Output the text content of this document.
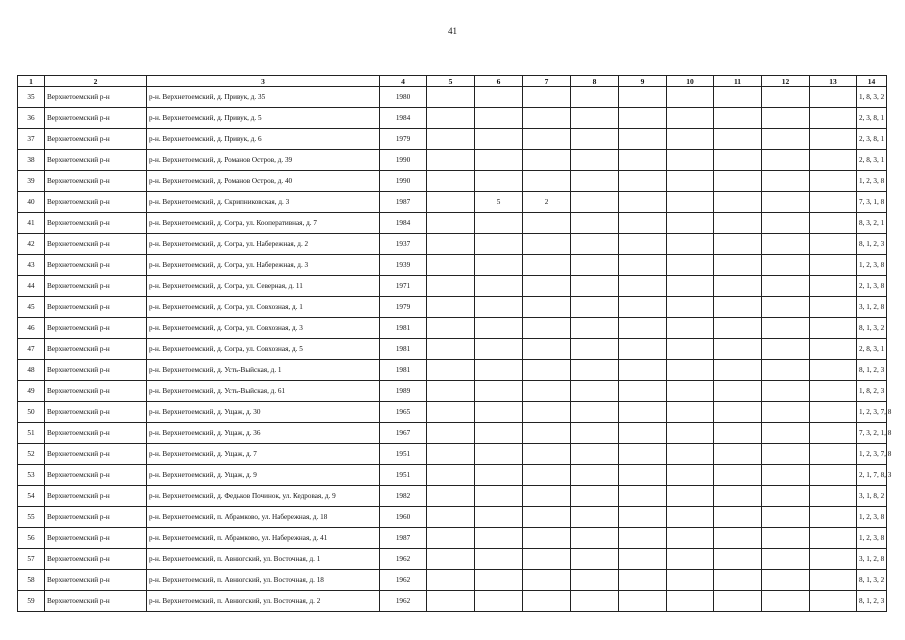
41
1	2	3	4	5	6	7	8	9	10	11	12	13	14
35	Верхнетоемский р-н	р-н. Верхнетоемский, д. Привук, д. 35	1980										1, 8, 3, 2
36	Верхнетоемский р-н	р-н. Верхнетоемский, д. Привук, д. 5	1984										2, 3, 8, 1
37	Верхнетоемский р-н	р-н. Верхнетоемский, д. Привук, д. 6	1979										2, 3, 8, 1
38	Верхнетоемский р-н	р-н. Верхнетоемский, д. Романов Остров, д. 39	1990										2, 8, 3, 1
39	Верхнетоемский р-н	р-н. Верхнетоемский, д. Романов Остров, д. 40	1990										1, 2, 3, 8
40	Верхнетоемский р-н	р-н. Верхнетоемский, д. Скрипниковская, д. 3	1987		5	2							7, 3, 1, 8
41	Верхнетоемский р-н	р-н. Верхнетоемский, д. Согра, ул. Кооперативная, д. 7	1984										8, 3, 2, 1
42	Верхнетоемский р-н	р-н. Верхнетоемский, д. Согра, ул. Набережная, д. 2	1937										8, 1, 2, 3
43	Верхнетоемский р-н	р-н. Верхнетоемский, д. Согра, ул. Набережная, д. 3	1939										1, 2, 3, 8
44	Верхнетоемский р-н	р-н. Верхнетоемский, д. Согра, ул. Северная, д. 11	1971										2, 1, 3, 8
45	Верхнетоемский р-н	р-н. Верхнетоемский, д. Согра, ул. Совхозная, д. 1	1979										3, 1, 2, 8
46	Верхнетоемский р-н	р-н. Верхнетоемский, д. Согра, ул. Совхозная, д. 3	1981										8, 1, 3, 2
47	Верхнетоемский р-н	р-н. Верхнетоемский, д. Согра, ул. Совхозная, д. 5	1981										2, 8, 3, 1
48	Верхнетоемский р-н	р-н. Верхнетоемский, д. Усть-Выйская, д. 1	1981										8, 1, 2, 3
49	Верхнетоемский р-н	р-н. Верхнетоемский, д. Усть-Выйская, д. 61	1989										1, 8, 2, 3
50	Верхнетоемский р-н	р-н. Верхнетоемский, д. Ущаж, д. 30	1965										1, 2, 3, 7, 8
51	Верхнетоемский р-н	р-н. Верхнетоемский, д. Ущаж, д. 36	1967										7, 3, 2, 1, 8
52	Верхнетоемский р-н	р-н. Верхнетоемский, д. Ущаж, д. 7	1951										1, 2, 3, 7, 8
53	Верхнетоемский р-н	р-н. Верхнетоемский, д. Ущаж, д. 9	1951										2, 1, 7, 8, 3
54	Верхнетоемский р-н	р-н. Верхнетоемский, д. Федьков Починок, ул. Кедровая, д. 9	1982										3, 1, 8, 2
55	Верхнетоемский р-н	р-н. Верхнетоемский, п. Абрамково, ул. Набережная, д. 18	1960										1, 2, 3, 8
56	Верхнетоемский р-н	р-н. Верхнетоемский, п. Абрамково, ул. Набережная, д. 41	1987										1, 2, 3, 8
57	Верхнетоемский р-н	р-н. Верхнетоемский, п. Авнюгский, ул. Восточная, д. 1	1962										3, 1, 2, 8
58	Верхнетоемский р-н	р-н. Верхнетоемский, п. Авнюгский, ул. Восточная, д. 18	1962										8, 1, 3, 2
59	Верхнетоемский р-н	р-н. Верхнетоемский, п. Авнюгский, ул. Восточная, д. 2	1962										8, 1, 2, 3
